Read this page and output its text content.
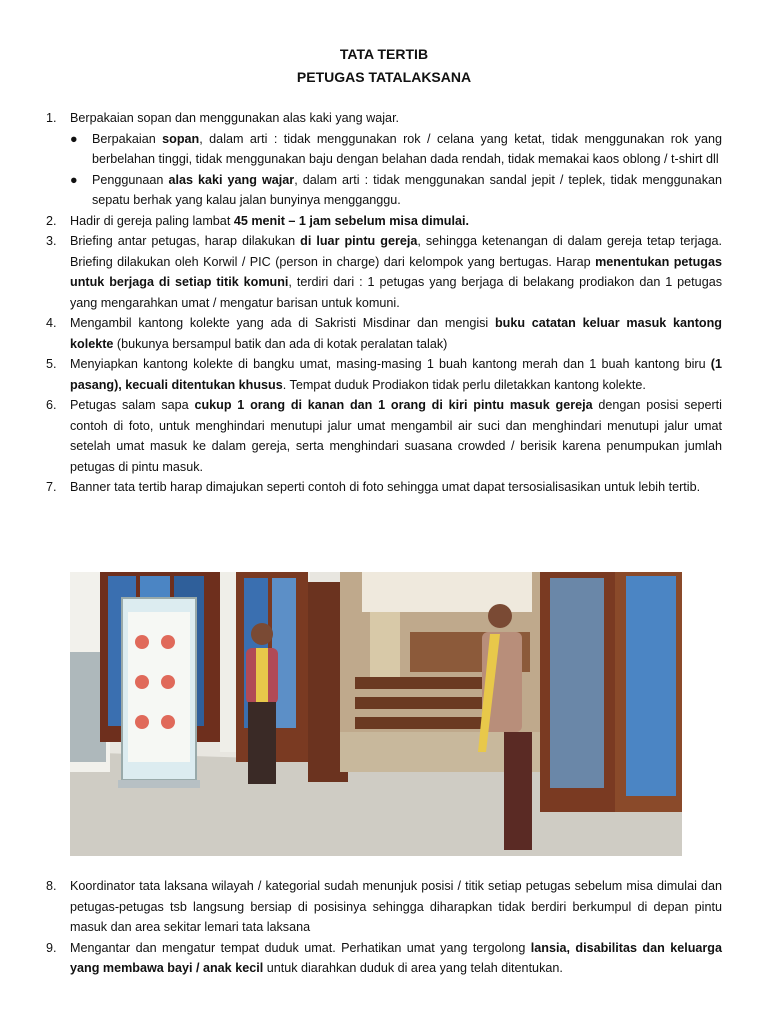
TATA TERTIB
PETUGAS TATALAKSANA
1. Berpakaian sopan dan menggunakan alas kaki yang wajar.
● Berpakaian sopan, dalam arti : tidak menggunakan rok / celana yang ketat, tidak menggunakan rok yang berbelahan tinggi, tidak menggunakan baju dengan belahan dada rendah, tidak memakai kaos oblong / t-shirt dll
● Penggunaan alas kaki yang wajar, dalam arti : tidak menggunakan sandal jepit / teplek, tidak menggunakan sepatu berhak yang kalau jalan bunyinya mengganggu.
2. Hadir di gereja paling lambat 45 menit – 1 jam sebelum misa dimulai.
3. Briefing antar petugas, harap dilakukan di luar pintu gereja, sehingga ketenangan di dalam gereja tetap terjaga. Briefing dilakukan oleh Korwil / PIC (person in charge) dari kelompok yang bertugas. Harap menentukan petugas untuk berjaga di setiap titik komuni, terdiri dari : 1 petugas yang berjaga di belakang prodiakon dan 1 petugas yang mengarahkan umat / mengatur barisan untuk komuni.
4. Mengambil kantong kolekte yang ada di Sakristi Misdinar dan mengisi buku catatan keluar masuk kantong kolekte (bukunya bersampul batik dan ada di kotak peralatan talak)
5. Menyiapkan kantong kolekte di bangku umat, masing-masing 1 buah kantong merah dan 1 buah kantong biru (1 pasang), kecuali ditentukan khusus. Tempat duduk Prodiakon tidak perlu diletakkan kantong kolekte.
6. Petugas salam sapa cukup 1 orang di kanan dan 1 orang di kiri pintu masuk gereja dengan posisi seperti contoh di foto, untuk menghindari menutupi jalur umat mengambil air suci dan menghindari menutupi jalur umat setelah umat masuk ke dalam gereja, serta menghindari suasana crowded / berisik karena penumpukan jumlah petugas di pintu masuk.
7. Banner tata tertib harap dimajukan seperti contoh di foto sehingga umat dapat tersosialisasikan untuk lebih tertib.
8. Koordinator tata laksana wilayah / kategorial sudah menunjuk posisi / titik setiap petugas sebelum misa dimulai dan petugas-petugas tsb langsung bersiap di posisinya sehingga diharapkan tidak berdiri berkumpul di depan pintu masuk dan area sekitar lemari tata laksana
9. Mengantar dan mengatur tempat duduk umat. Perhatikan umat yang tergolong lansia, disabilitas dan keluarga yang membawa bayi / anak kecil untuk diarahkan duduk di area yang telah ditentukan.
